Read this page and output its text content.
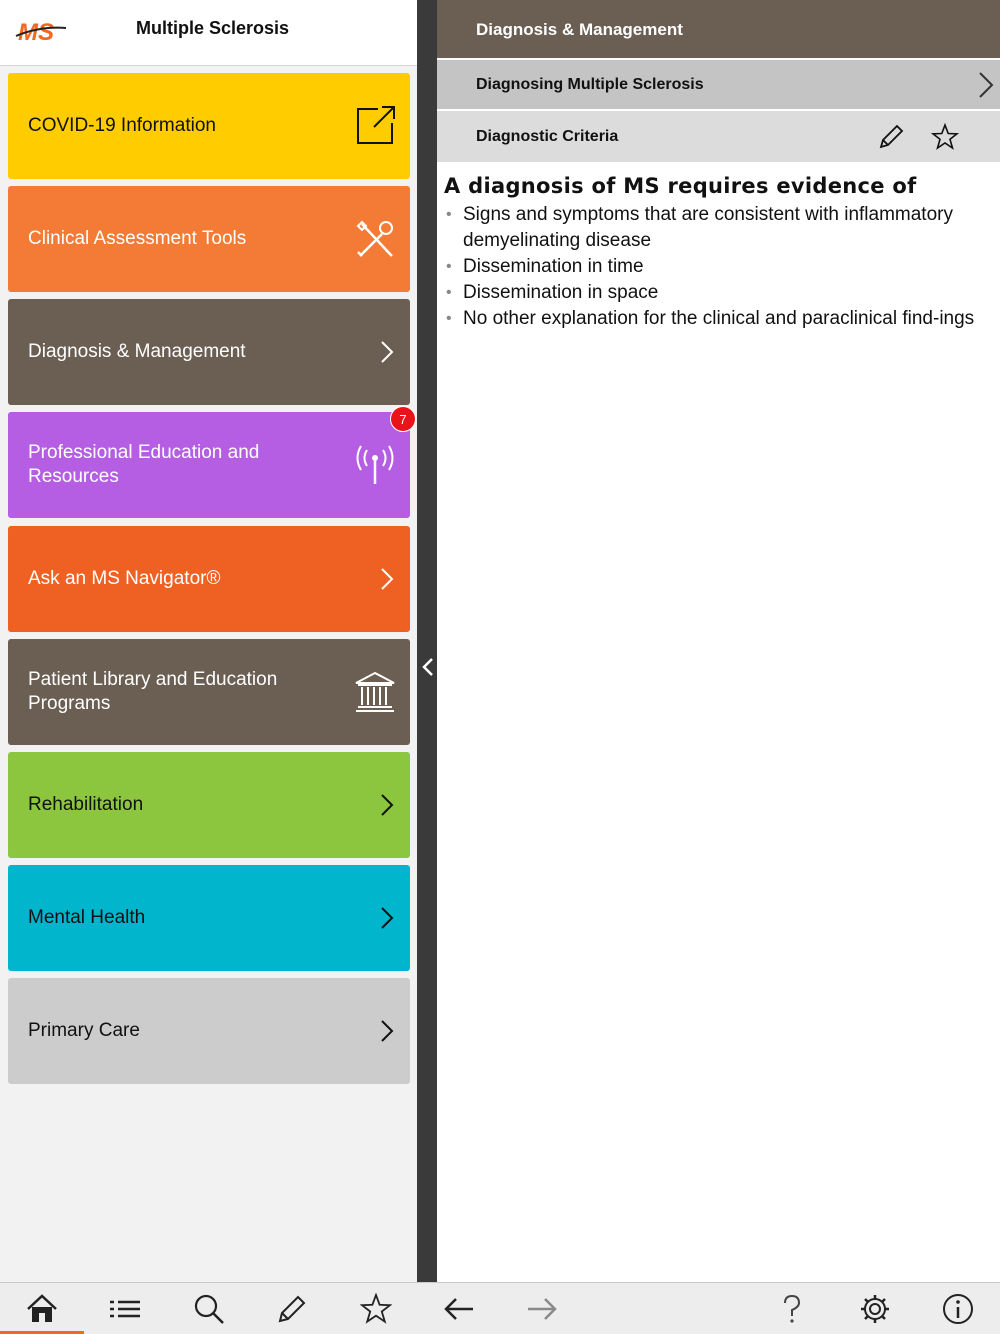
MS	Multiple Sclerosis
COVID-19 Information
Clinical Assessment Tools
Diagnosis & Management
Professional Education and Resources
7
Ask an MS Navigator®
Patient Library and Education Programs
Rehabilitation
Mental Health
Primary Care
Diagnosis & Management
Diagnosing Multiple Sclerosis
Diagnostic Criteria
A diagnosis of MS requires evidence of
• Signs and symptoms that are consistent with inflammatory demyelinating disease
• Dissemination in time
• Dissemination in space
• No other explanation for the clinical and paraclinical find-ings
